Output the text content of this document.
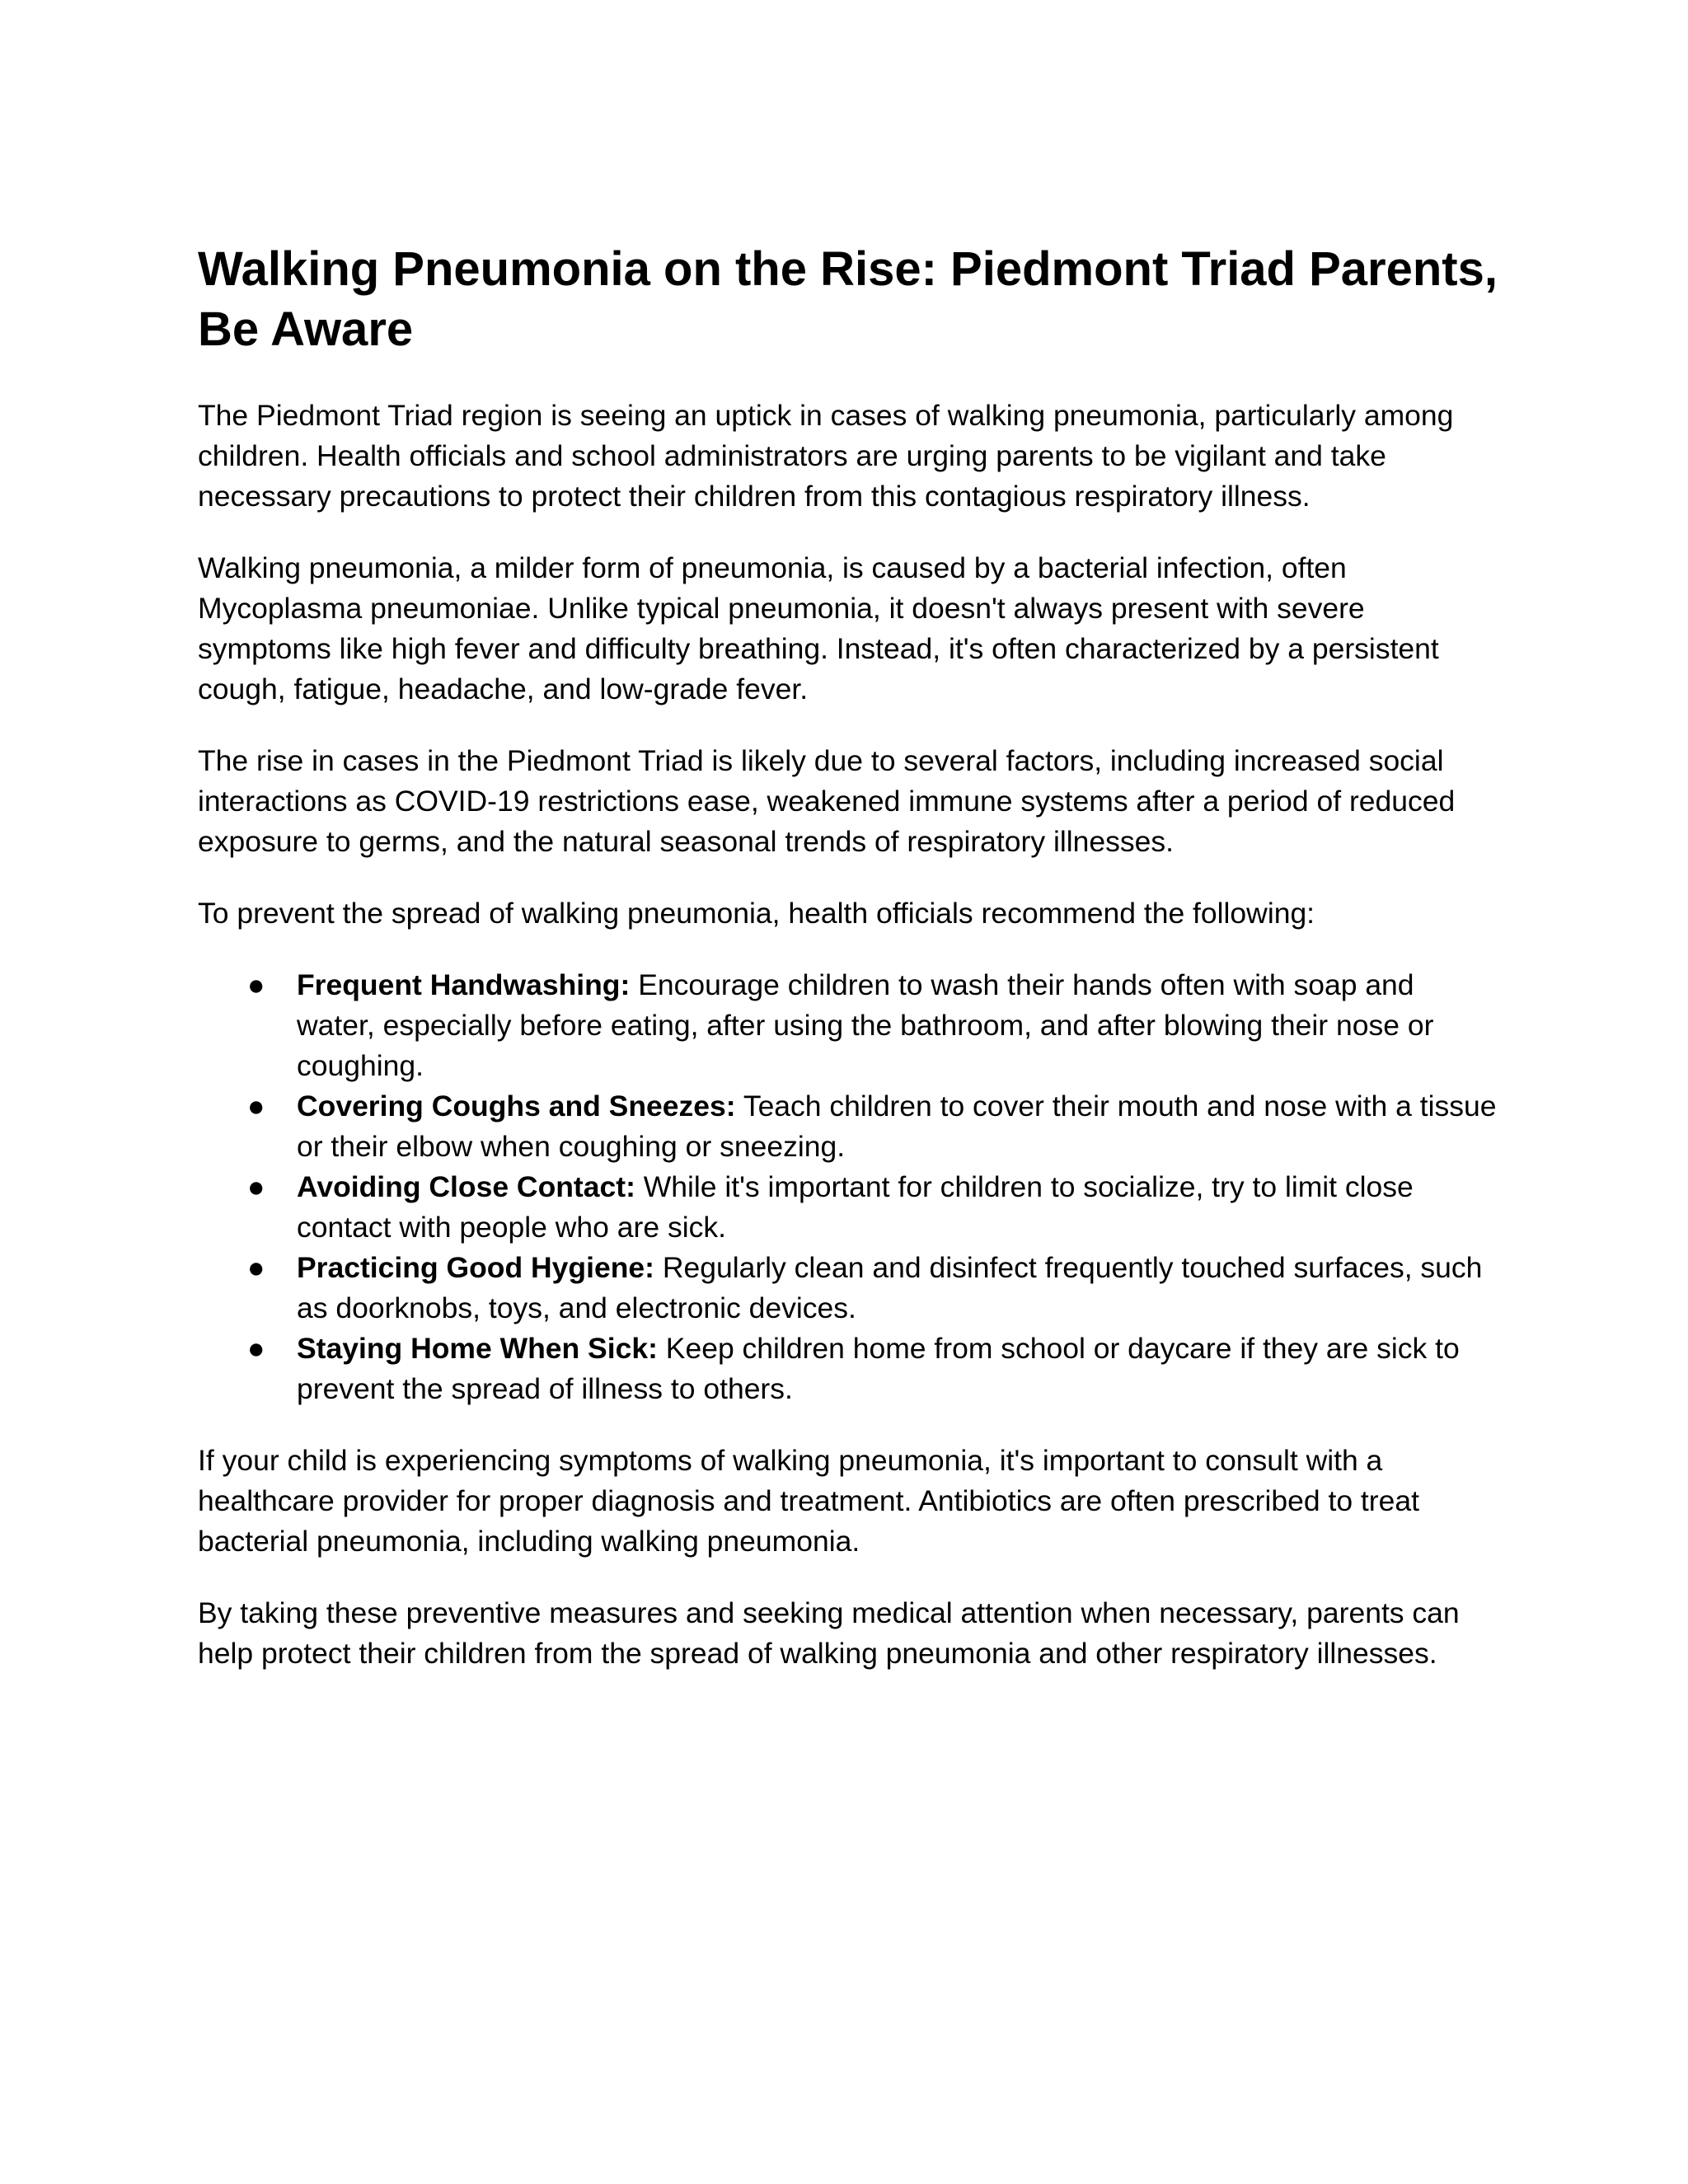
Walking Pneumonia on the Rise: Piedmont Triad Parents, Be Aware

The Piedmont Triad region is seeing an uptick in cases of walking pneumonia, particularly among children. Health officials and school administrators are urging parents to be vigilant and take necessary precautions to protect their children from this contagious respiratory illness.

Walking pneumonia, a milder form of pneumonia, is caused by a bacterial infection, often Mycoplasma pneumoniae. Unlike typical pneumonia, it doesn't always present with severe symptoms like high fever and difficulty breathing. Instead, it's often characterized by a persistent cough, fatigue, headache, and low-grade fever.

The rise in cases in the Piedmont Triad is likely due to several factors, including increased social interactions as COVID-19 restrictions ease, weakened immune systems after a period of reduced exposure to germs, and the natural seasonal trends of respiratory illnesses.

To prevent the spread of walking pneumonia, health officials recommend the following:

● Frequent Handwashing: Encourage children to wash their hands often with soap and water, especially before eating, after using the bathroom, and after blowing their nose or coughing.
● Covering Coughs and Sneezes: Teach children to cover their mouth and nose with a tissue or their elbow when coughing or sneezing.
● Avoiding Close Contact: While it's important for children to socialize, try to limit close contact with people who are sick.
● Practicing Good Hygiene: Regularly clean and disinfect frequently touched surfaces, such as doorknobs, toys, and electronic devices.
● Staying Home When Sick: Keep children home from school or daycare if they are sick to prevent the spread of illness to others.

If your child is experiencing symptoms of walking pneumonia, it's important to consult with a healthcare provider for proper diagnosis and treatment. Antibiotics are often prescribed to treat bacterial pneumonia, including walking pneumonia.

By taking these preventive measures and seeking medical attention when necessary, parents can help protect their children from the spread of walking pneumonia and other respiratory illnesses.
